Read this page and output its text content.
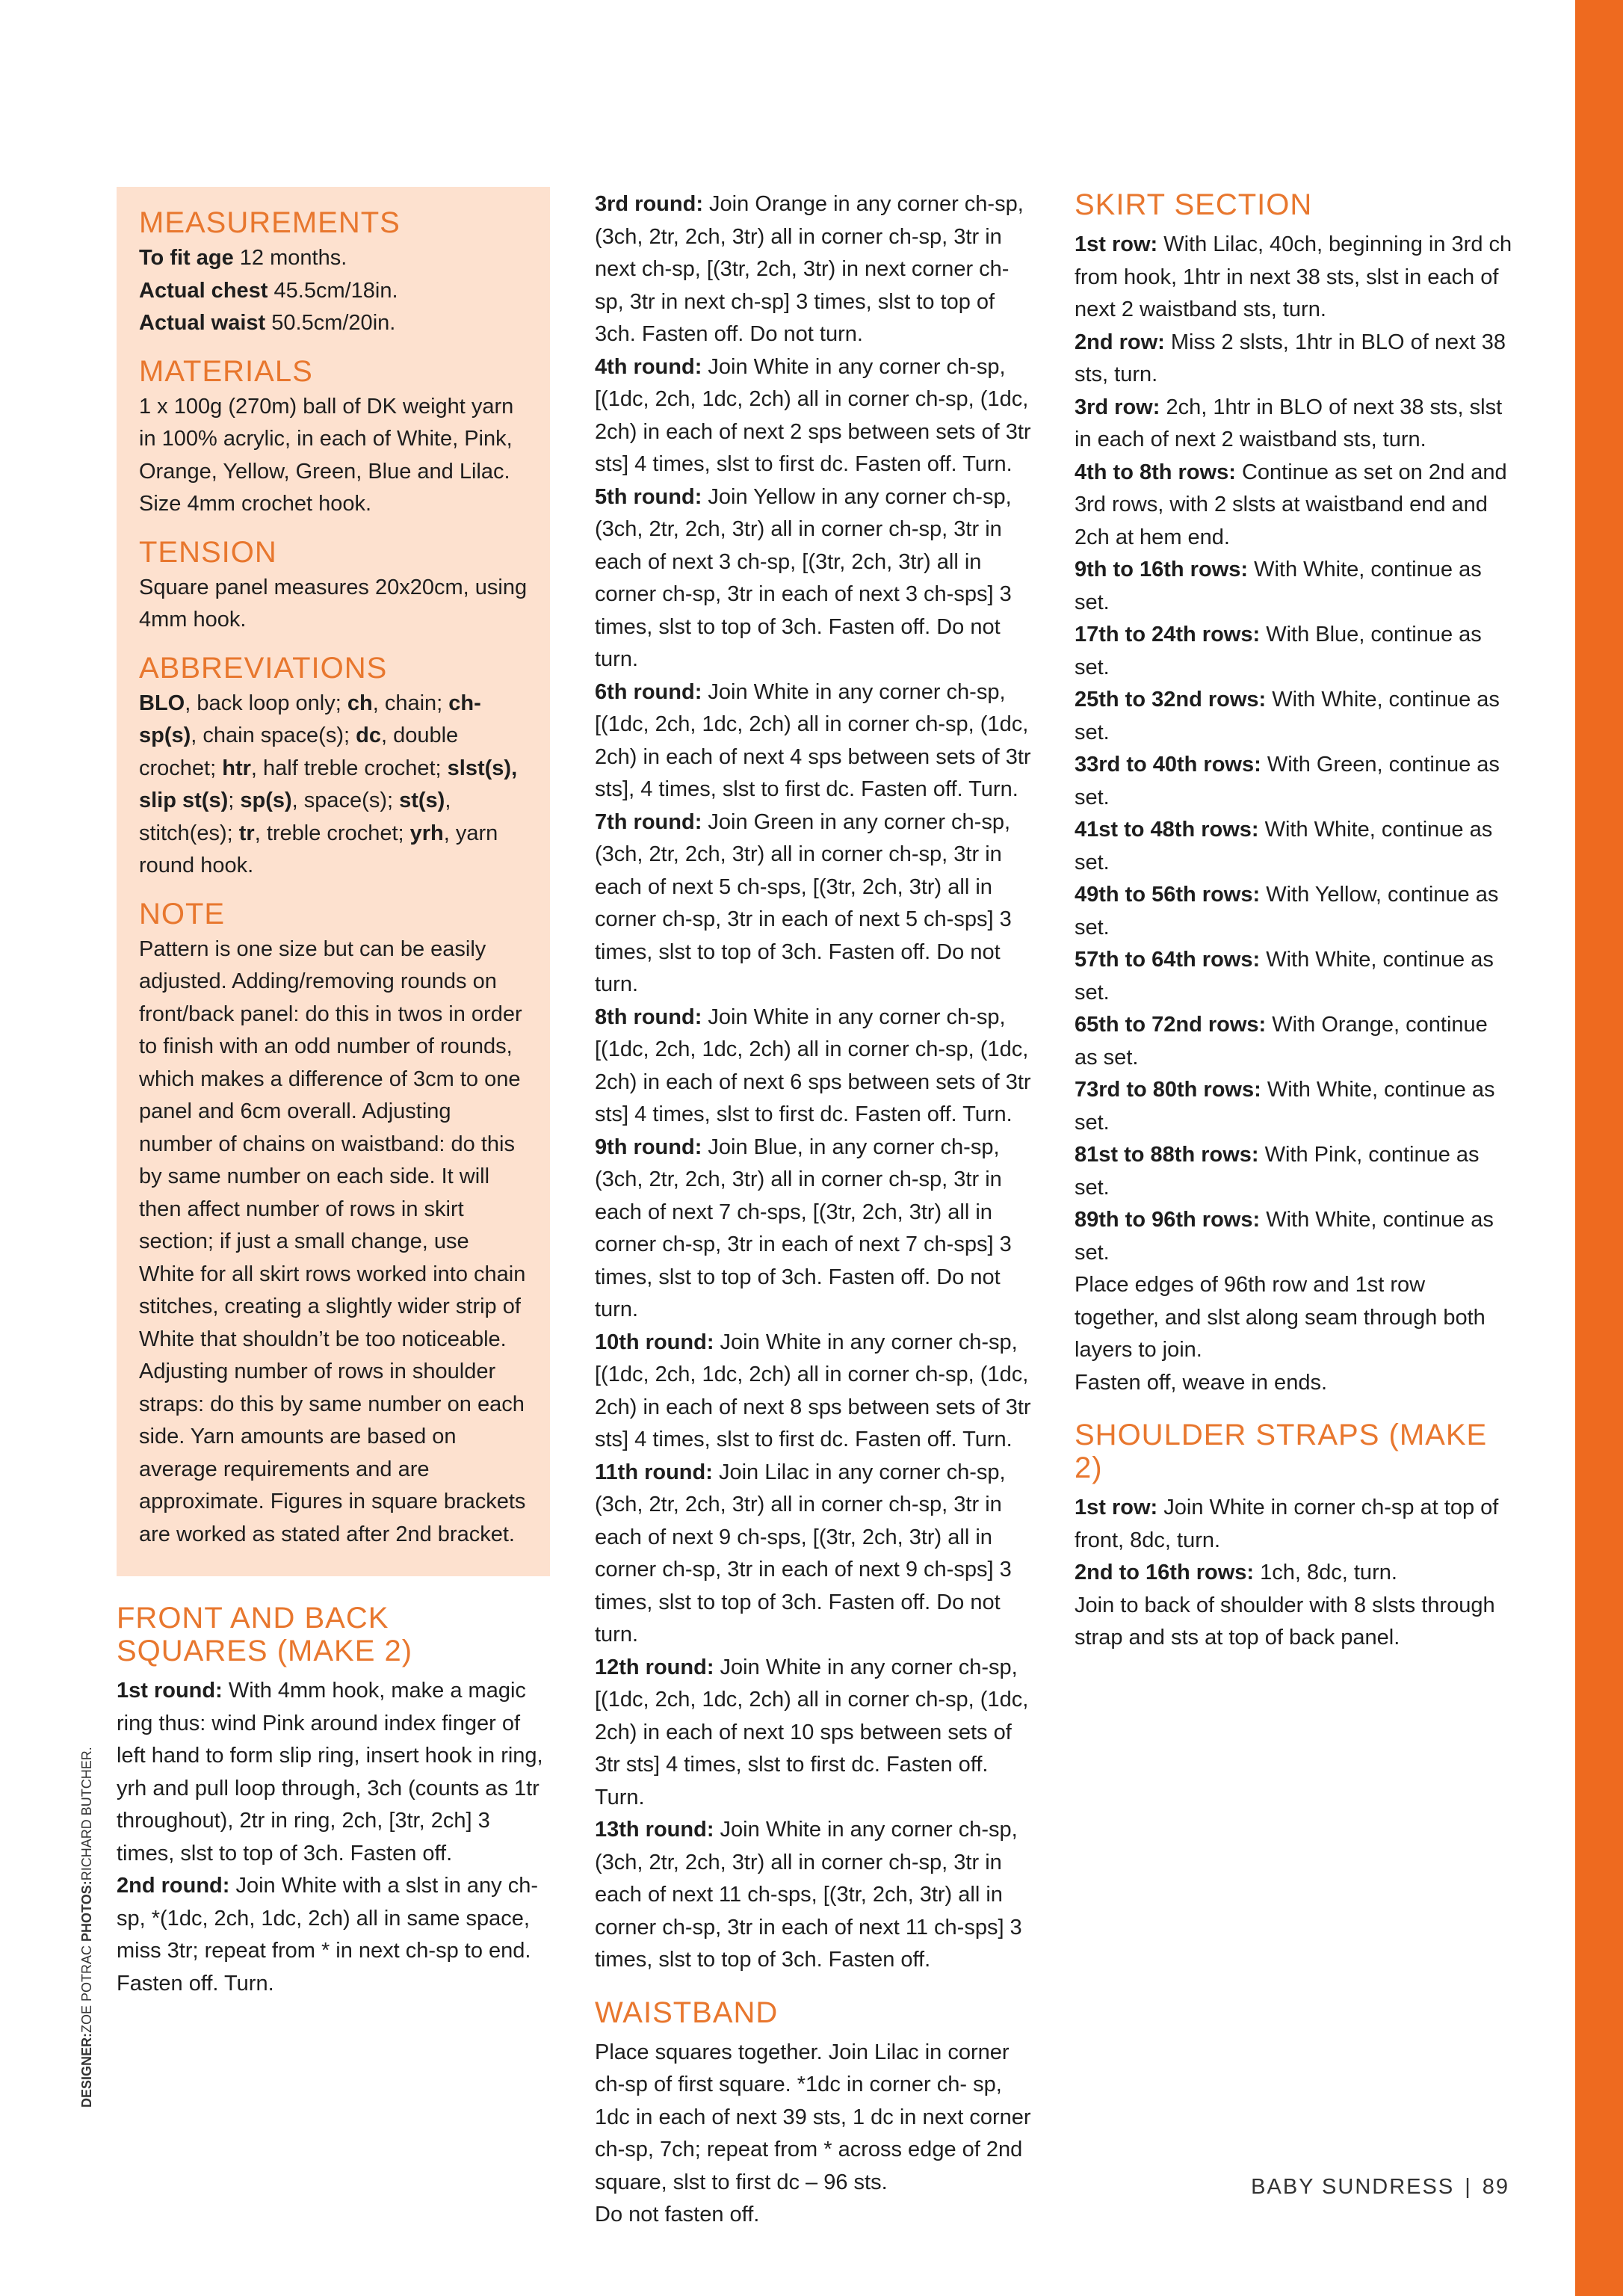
DESIGNER:ZOE POTRAC PHOTOS:RICHARD BUTCHER.
MEASUREMENTS

To fit age 12 months.

Actual chest 45.5cm/18in.

Actual waist 50.5cm/20in.

MATERIALS

1 x 100g (270m) ball of DK weight yarn in 100% acrylic, in each of White, Pink, Orange, Yellow, Green, Blue and Lilac.

Size 4mm crochet hook.

TENSION

Square panel measures 20x20cm, using 4mm hook.

ABBREVIATIONS

BLO, back loop only; ch, chain; ch-sp(s), chain space(s); dc, double crochet; htr, half treble crochet; slst(s), slip st(s); sp(s), space(s); st(s), stitch(es); tr, treble crochet; yrh, yarn round hook.

NOTE

Pattern is one size but can be easily adjusted. Adding/removing rounds on front/back panel: do this in twos in order to finish with an odd number of rounds, which makes a difference of 3cm to one panel and 6cm overall. Adjusting number of chains on waistband: do this by same number on each side. It will then affect number of rows in skirt section; if just a small change, use White for all skirt rows worked into chain stitches, creating a slightly wider strip of White that shouldn’t be too noticeable. Adjusting number of rows in shoulder straps: do this by same number on each side. Yarn amounts are based on average requirements and are approximate. Figures in square brackets are worked as stated after 2nd bracket.

FRONT AND BACK SQUARES (MAKE 2)

1st round: With 4mm hook, make a magic ring thus: wind Pink around index finger of left hand to form slip ring, insert hook in ring, yrh and pull loop through, 3ch (counts as 1tr throughout), 2tr in ring, 2ch, [3tr, 2ch] 3 times, slst to top of 3ch. Fasten off.

2nd round: Join White with a slst in any ch-sp, *(1dc, 2ch, 1dc, 2ch) all in same space, miss 3tr; repeat from * in next ch-sp to end. Fasten off. Turn.

3rd round: Join Orange in any corner ch-sp, (3ch, 2tr, 2ch, 3tr) all in corner ch-sp, 3tr in next ch-sp, [(3tr, 2ch, 3tr) in next corner ch-sp, 3tr in next ch-sp] 3 times, slst to top of 3ch. Fasten off. Do not turn.

4th round: Join White in any corner ch-sp, [(1dc, 2ch, 1dc, 2ch) all in corner ch-sp, (1dc, 2ch) in each of next 2 sps between sets of 3tr sts] 4 times, slst to first dc. Fasten off. Turn.

5th round: Join Yellow in any corner ch-sp, (3ch, 2tr, 2ch, 3tr) all in corner ch-sp, 3tr in each of next 3 ch-sp, [(3tr, 2ch, 3tr) all in corner ch-sp, 3tr in each of next 3 ch-sps] 3 times, slst to top of 3ch. Fasten off. Do not turn.

6th round: Join White in any corner ch-sp, [(1dc, 2ch, 1dc, 2ch) all in corner ch-sp, (1dc, 2ch) in each of next 4 sps between sets of 3tr sts], 4 times, slst to first dc. Fasten off. Turn.

7th round: Join Green in any corner ch-sp, (3ch, 2tr, 2ch, 3tr) all in corner ch-sp, 3tr in each of next 5 ch-sps, [(3tr, 2ch, 3tr) all in corner ch-sp, 3tr in each of next 5 ch-sps] 3 times, slst to top of 3ch. Fasten off. Do not turn.

8th round: Join White in any corner ch-sp, [(1dc, 2ch, 1dc, 2ch) all in corner ch-sp, (1dc, 2ch) in each of next 6 sps between sets of 3tr sts] 4 times, slst to first dc. Fasten off. Turn.

9th round: Join Blue, in any corner ch-sp, (3ch, 2tr, 2ch, 3tr) all in corner ch-sp, 3tr in each of next 7 ch-sps, [(3tr, 2ch, 3tr) all in corner ch-sp, 3tr in each of next 7 ch-sps] 3 times, slst to top of 3ch. Fasten off. Do not turn.

10th round: Join White in any corner ch-sp, [(1dc, 2ch, 1dc, 2ch) all in corner ch-sp, (1dc, 2ch) in each of next 8 sps between sets of 3tr sts] 4 times, slst to first dc. Fasten off. Turn.

11th round: Join Lilac in any corner ch-sp, (3ch, 2tr, 2ch, 3tr) all in corner ch-sp, 3tr in each of next 9 ch-sps, [(3tr, 2ch, 3tr) all in corner ch-sp, 3tr in each of next 9 ch-sps] 3 times, slst to top of 3ch. Fasten off. Do not turn.

12th round: Join White in any corner ch-sp, [(1dc, 2ch, 1dc, 2ch) all in corner ch-sp, (1dc, 2ch) in each of next 10 sps between sets of 3tr sts] 4 times, slst to first dc. Fasten off. Turn.

13th round: Join White in any corner ch-sp, (3ch, 2tr, 2ch, 3tr) all in corner ch-sp, 3tr in each of next 11 ch-sps, [(3tr, 2ch, 3tr) all in corner ch-sp, 3tr in each of next 11 ch-sps] 3 times, slst to top of 3ch. Fasten off.

WAISTBAND

Place squares together. Join Lilac in corner ch-sp of first square. *1dc in corner ch- sp, 1dc in each of next 39 sts, 1 dc in next corner ch-sp, 7ch; repeat from * across edge of 2nd square, slst to first dc – 96 sts.

Do not fasten off.

SKIRT SECTION

1st row: With Lilac, 40ch, beginning in 3rd ch from hook, 1htr in next 38 sts, slst in each of next 2 waistband sts, turn.

2nd row: Miss 2 slsts, 1htr in BLO of next 38 sts, turn.

3rd row: 2ch, 1htr in BLO of next 38 sts, slst in each of next 2 waistband sts, turn.

4th to 8th rows: Continue as set on 2nd and 3rd rows, with 2 slsts at waistband end and 2ch at hem end.

9th to 16th rows: With White, continue as set.

17th to 24th rows: With Blue, continue as set.

25th to 32nd rows: With White, continue as set.

33rd to 40th rows: With Green, continue as set.

41st to 48th rows: With White, continue as set.

49th to 56th rows: With Yellow, continue as set.

57th to 64th rows: With White, continue as set.

65th to 72nd rows: With Orange, continue as set.

73rd to 80th rows: With White, continue as set.

81st to 88th rows: With Pink, continue as set.

89th to 96th rows: With White, continue as set.

Place edges of 96th row and 1st row together, and slst along seam through both layers to join.

Fasten off, weave in ends.

SHOULDER STRAPS (MAKE 2)

1st row: Join White in corner ch-sp at top of front, 8dc, turn.

2nd to 16th rows: 1ch, 8dc, turn.

Join to back of shoulder with 8 slsts through strap and sts at top of back panel.

BABY SUNDRESS | 89
